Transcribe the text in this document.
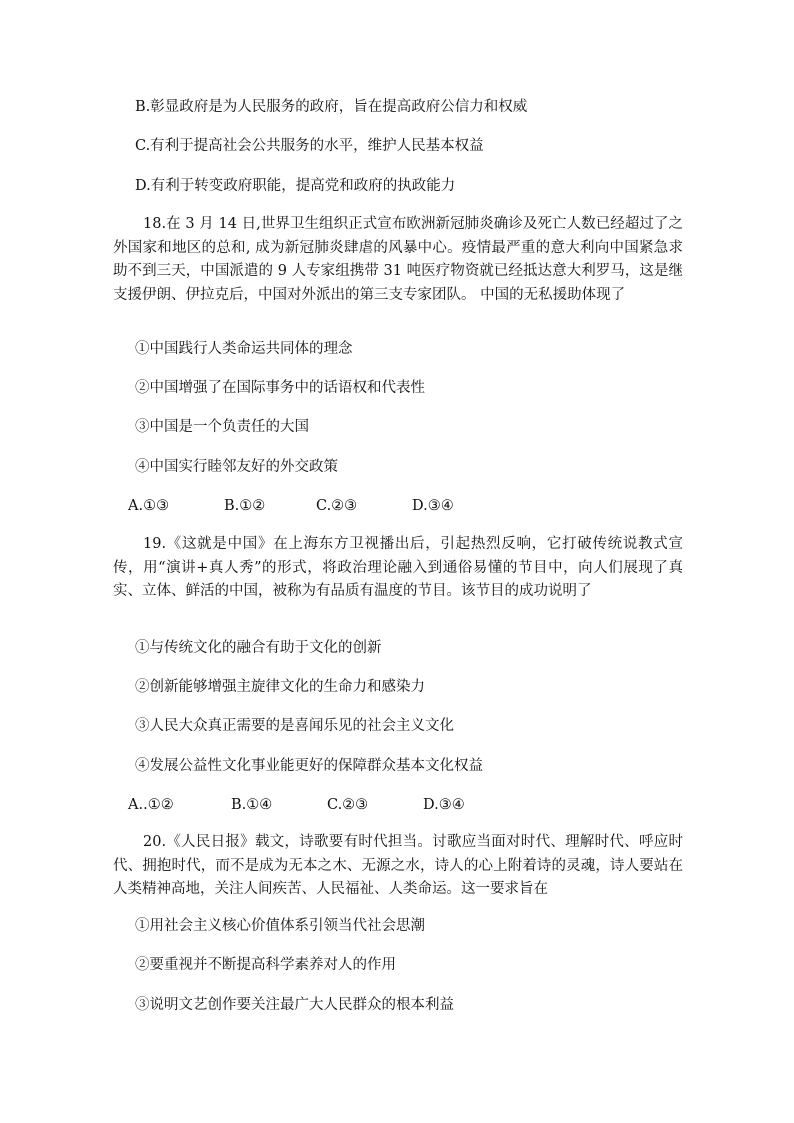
B.彰显政府是为人民服务的政府，旨在提高政府公信力和权威
C.有利于提高社会公共服务的水平，维护人民基本权益
D.有利于转变政府职能，提高党和政府的执政能力
18.在 3 月 14 日,世界卫生组织正式宣布欧洲新冠肺炎确诊及死亡人数已经超过了之外国家和地区的总和, 成为新冠肺炎肆虐的风暴中心。疫情最严重的意大利向中国紧急求助不到三天，中国派遣的 9 人专家组携带 31 吨医疗物资就已经抵达意大利罗马，这是继支援伊朗、伊拉克后，中国对外派出的第三支专家团队。 中国的无私援助体现了
①中国践行人类命运共同体的理念
②中国增强了在国际事务中的话语权和代表性
③中国是一个负责任的大国
④中国实行睦邻友好的外交政策
A.①③	B.①②	C.②③	D.③④
19.《这就是中国》在上海东方卫视播出后，引起热烈反响，它打破传统说教式宣传，用“演讲+真人秀”的形式，将政治理论融入到通俗易懂的节目中，向人们展现了真实、立体、鲜活的中国，被称为有品质有温度的节目。该节目的成功说明了
①与传统文化的融合有助于文化的创新
②创新能够增强主旋律文化的生命力和感染力
③人民大众真正需要的是喜闻乐见的社会主义文化
④发展公益性文化事业能更好的保障群众基本文化权益
A..①②	B.①④	C.②③	D.③④
20.《人民日报》载文，诗歌要有时代担当。讨歌应当面对时代、理解时代、呼应时代、拥抱时代，而不是成为无本之木、无源之水，诗人的心上附着诗的灵魂，诗人要站在人类精神高地，关注人间疾苦、人民福祉、人类命运。这一要求旨在
①用社会主义核心价值体系引领当代社会思潮
②要重视并不断提高科学素养对人的作用
③说明文艺创作要关注最广大人民群众的根本利益
